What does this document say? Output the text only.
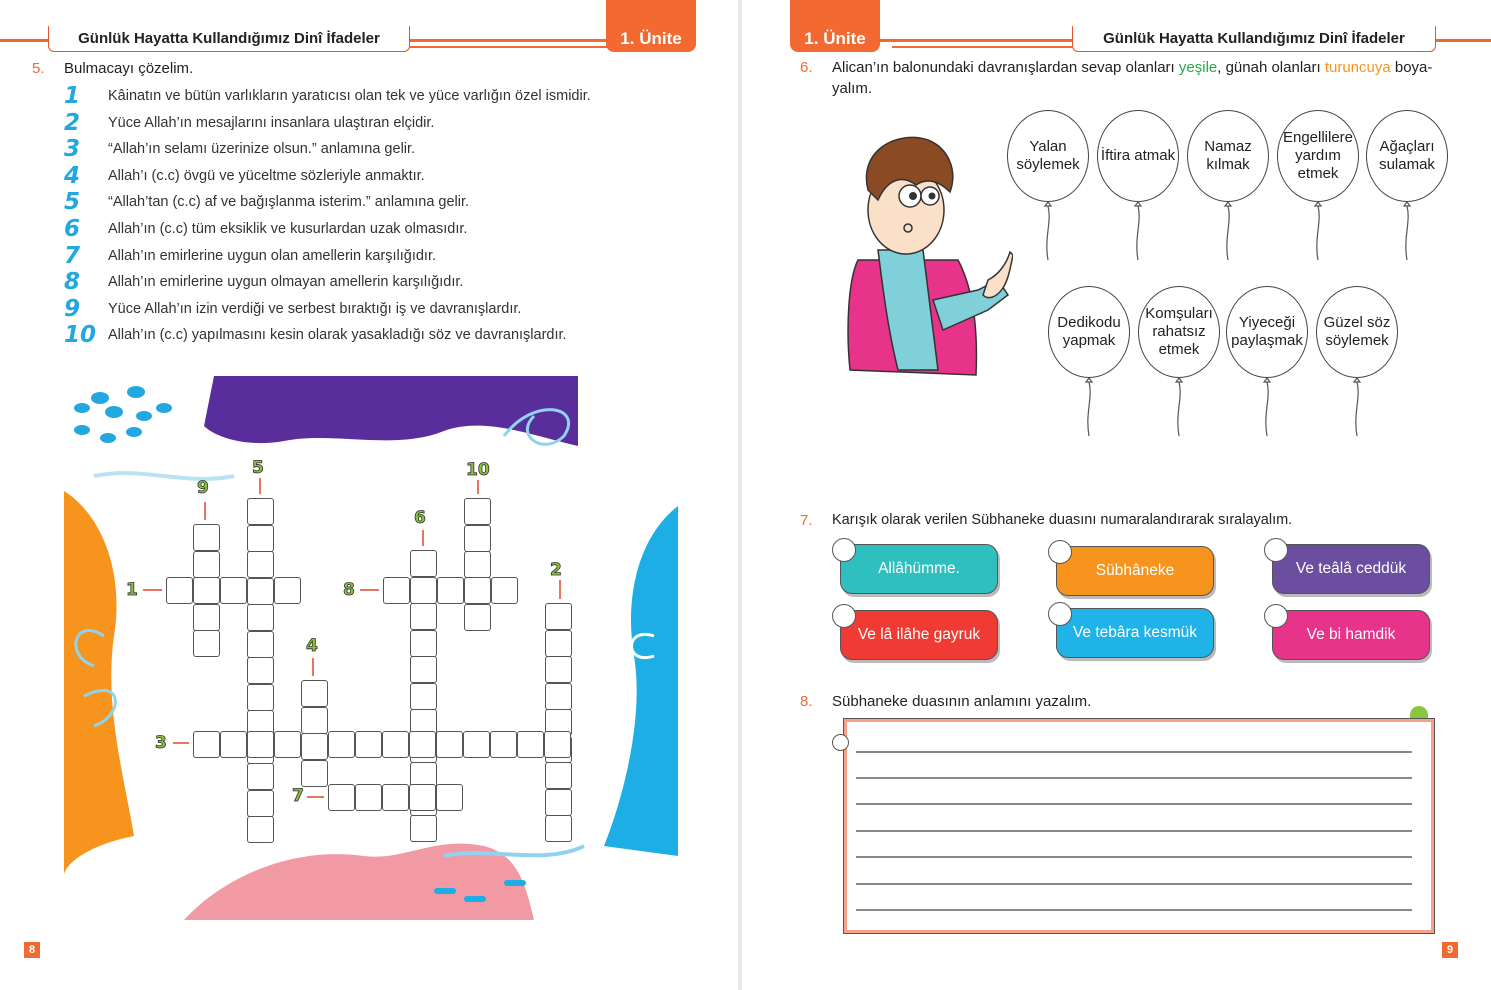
Günlük Hayatta Kullandığımız Dinî İfadeler	1. Ünite
5. Bulmacayı çözelim.
1	Kâinatın ve bütün varlıkların yaratıcısı olan tek ve yüce varlığın özel ismidir.
2	Yüce Allah’ın mesajlarını insanlara ulaştıran elçidir.
3	“Allah’ın selamı üzerinize olsun.” anlamına gelir.
4	Allah’ı (c.c) övgü ve yüceltme sözleriyle anmaktır.
5	“Allah’tan (c.c) af ve bağışlanma isterim.” anlamına gelir.
6	Allah’ın (c.c) tüm eksiklik ve kusurlardan uzak olmasıdır.
7	Allah’ın emirlerine uygun olan amellerin karşılığıdır.
8	Allah’ın emirlerine uygun olmayan amellerin karşılığıdır.
9	Yüce Allah’ın izin verdiği ve serbest bıraktığı iş ve davranışlardır.
10 Allah’ın (c.c) yapılmasını kesin olarak yasakladığı söz ve davranışlardır.
1
2
3
4
5
6
7
8
9
10
8
Günlük Hayatta Kullandığımız Dinî İfadeler
1. Ünite
9
6. Alican’ın balonundaki davranışlardan sevap olanları yeşile, günah olanları turuncuya boya-
yalım.
Yalan söylemek
İftira atmak
Namaz kılmak
Engellilere yardım etmek
Ağaçları sulamak
Dedikodu yapmak
Komşuları rahatsız etmek
Yiyeceği paylaşmak
Güzel söz söylemek
7. Karışık olarak verilen Sübhaneke duasını numaralandırarak sıralayalım.
Allâhümme.	Sübhâneke	Ve teâlâ ceddük
Ve lâ ilâhe gayruk	Ve tebâra kesmük	Ve bi hamdik
8. Sübhaneke duasının anlamını yazalım.
